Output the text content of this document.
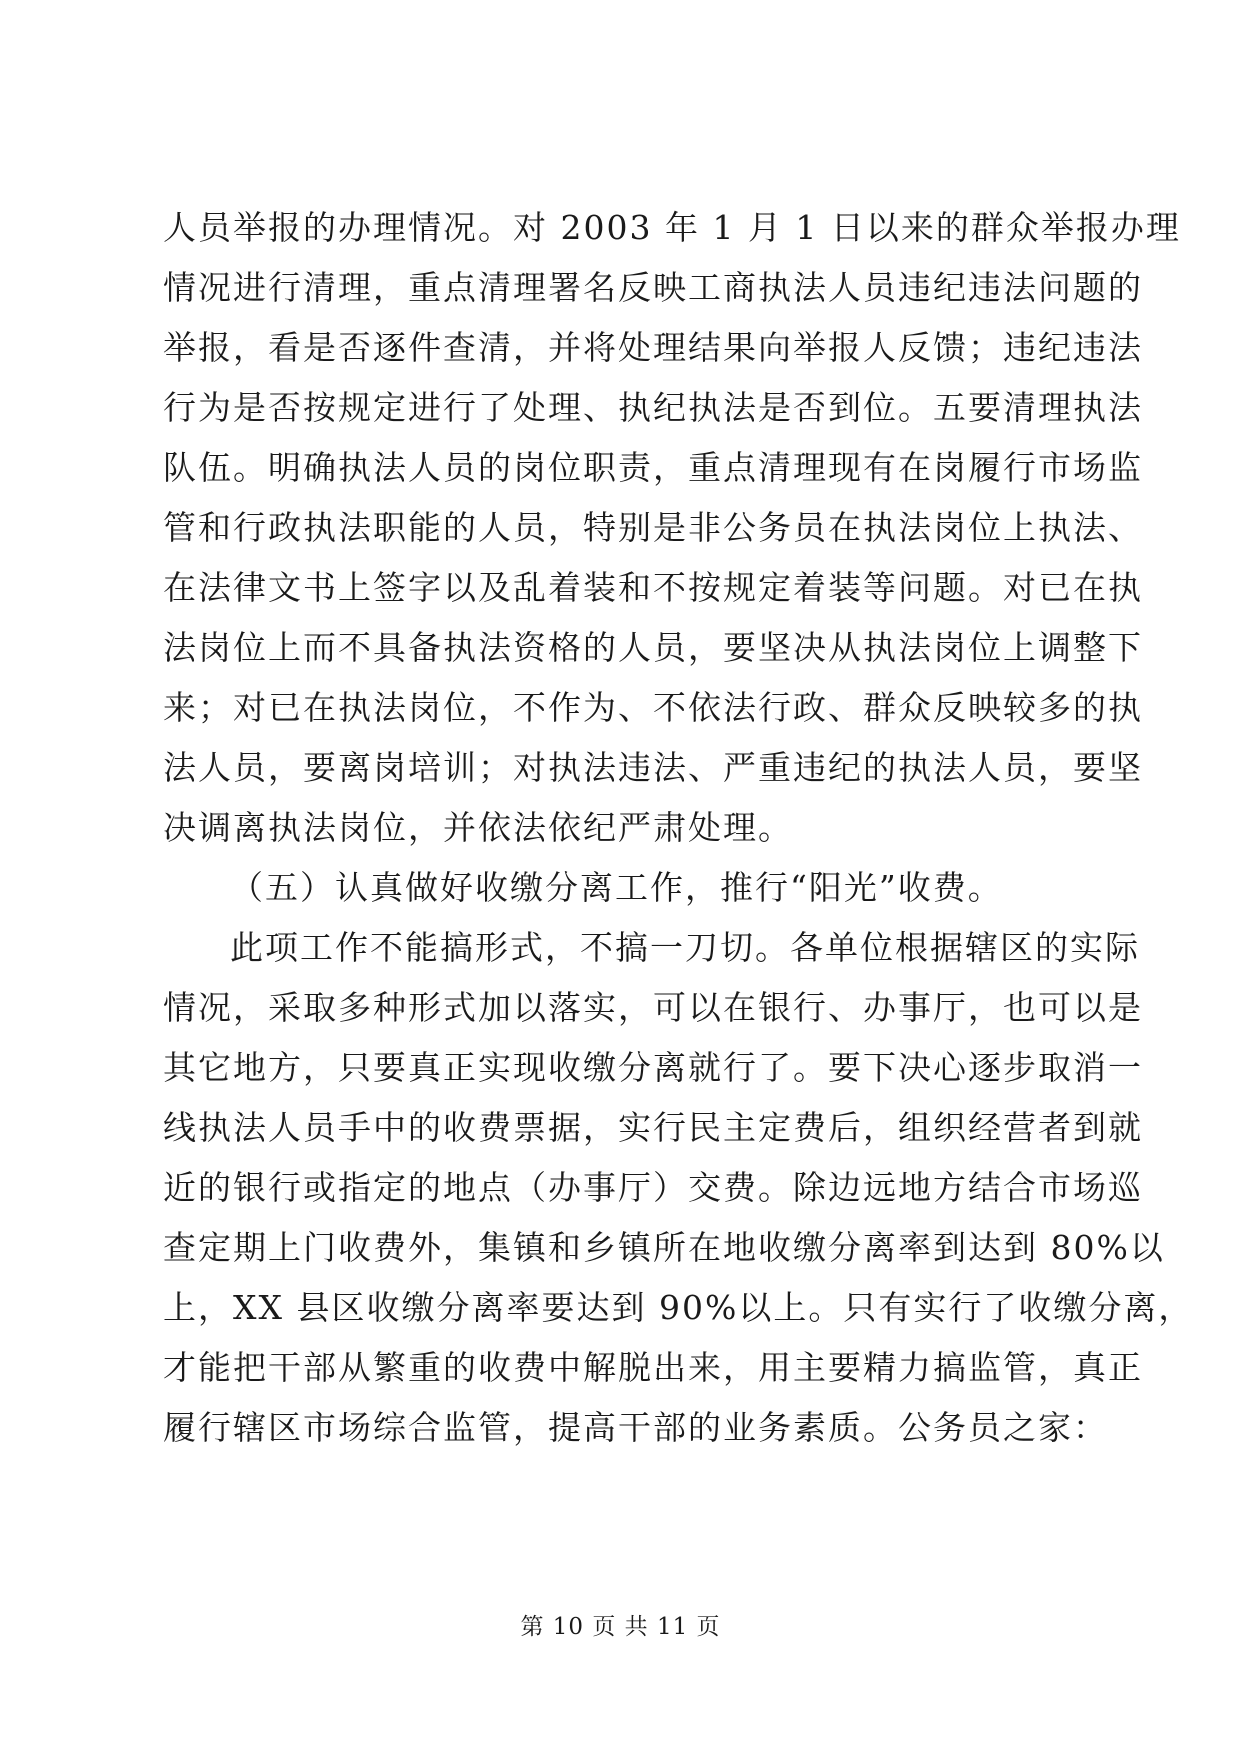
人员举报的办理情况。对 2003 年 1 月 1 日以来的群众举报办理
情况进行清理，重点清理署名反映工商执法人员违纪违法问题的
举报，看是否逐件查清，并将处理结果向举报人反馈；违纪违法
行为是否按规定进行了处理、执纪执法是否到位。五要清理执法
队伍。明确执法人员的岗位职责，重点清理现有在岗履行市场监
管和行政执法职能的人员，特别是非公务员在执法岗位上执法、
在法律文书上签字以及乱着装和不按规定着装等问题。对已在执
法岗位上而不具备执法资格的人员，要坚决从执法岗位上调整下
来；对已在执法岗位，不作为、不依法行政、群众反映较多的执
法人员，要离岗培训；对执法违法、严重违纪的执法人员，要坚
决调离执法岗位，并依法依纪严肃处理。
（五）认真做好收缴分离工作，推行“阳光”收费。
此项工作不能搞形式，不搞一刀切。各单位根据辖区的实际
情况，采取多种形式加以落实，可以在银行、办事厅，也可以是
其它地方，只要真正实现收缴分离就行了。要下决心逐步取消一
线执法人员手中的收费票据，实行民主定费后，组织经营者到就
近的银行或指定的地点（办事厅）交费。除边远地方结合市场巡
查定期上门收费外，集镇和乡镇所在地收缴分离率到达到 80%以
上，XX 县区收缴分离率要达到 90%以上。只有实行了收缴分离，
才能把干部从繁重的收费中解脱出来，用主要精力搞监管，真正
履行辖区市场综合监管，提高干部的业务素质。公务员之家：
第 10 页 共 11 页
